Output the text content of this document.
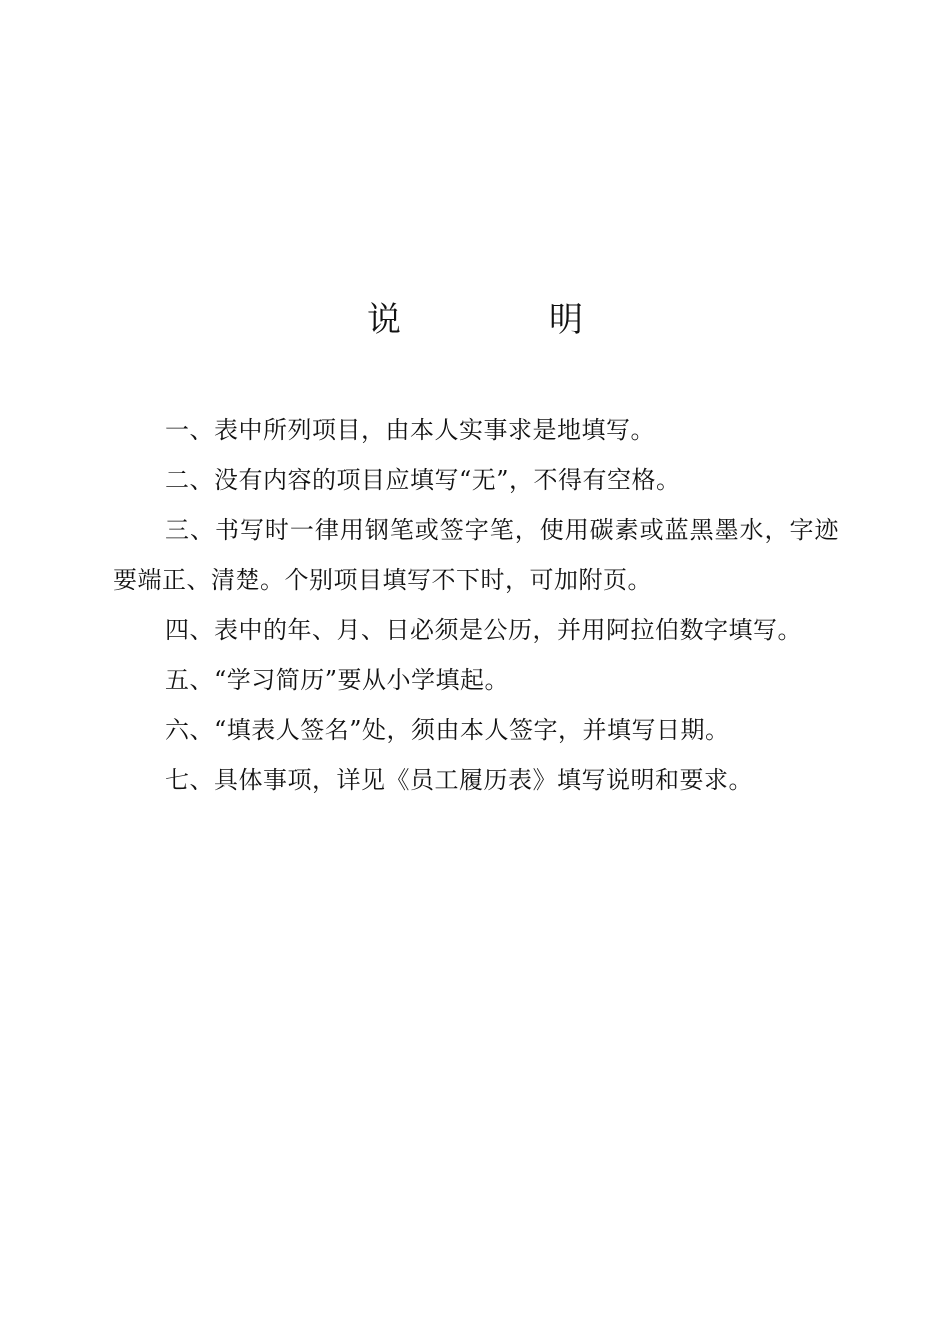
说	明

一、表中所列项目，由本人实事求是地填写。

二、没有内容的项目应填写“无”，不得有空格。

三、书写时一律用钢笔或签字笔，使用碳素或蓝黑墨水，字迹要端正、清楚。个别项目填写不下时，可加附页。

四、表中的年、月、日必须是公历，并用阿拉伯数字填写。

五、“学习简历”要从小学填起。

六、“填表人签名”处，须由本人签字，并填写日期。

七、具体事项，详见《员工履历表》填写说明和要求。
